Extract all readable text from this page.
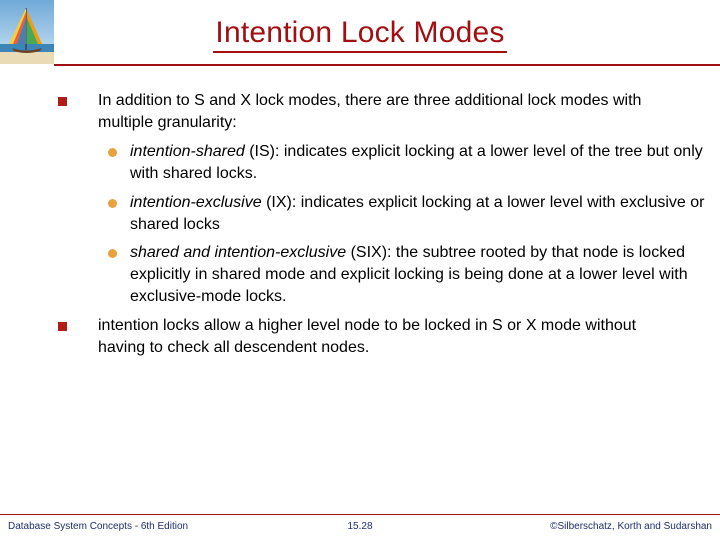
Intention Lock Modes
In addition to S and X lock modes, there are three additional lock modes with multiple granularity:
intention-shared (IS): indicates explicit locking at a lower level of the tree but only with shared locks.
intention-exclusive (IX): indicates explicit locking at a lower level with exclusive or shared locks
shared and intention-exclusive (SIX): the subtree rooted by that node is locked explicitly in shared mode and explicit locking is being done at a lower level with exclusive-mode locks.
intention locks allow a higher level node to be locked in S or X mode without having to check all descendent nodes.
Database System Concepts - 6th Edition	15.28	©Silberschatz, Korth and Sudarshan
